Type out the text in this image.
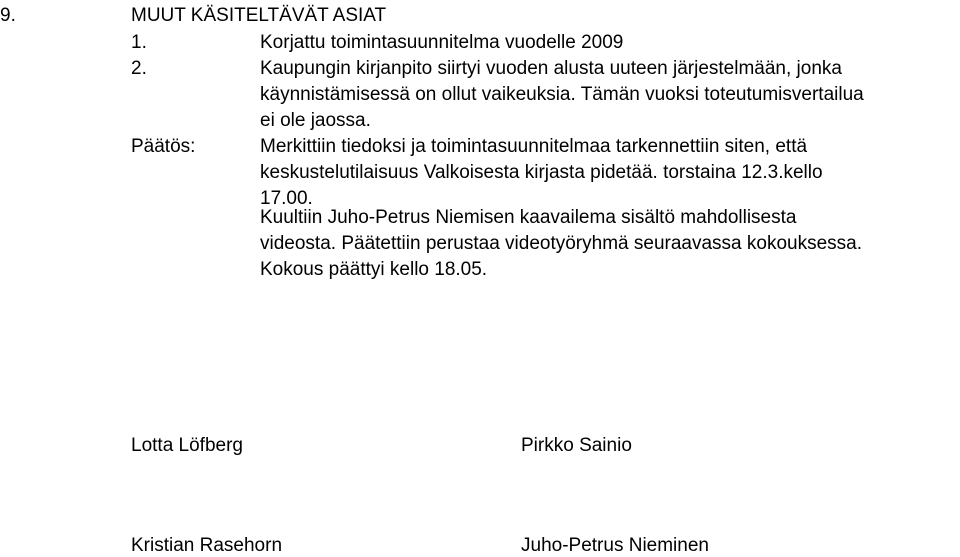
9.	MUUT KÄSITELTÄVÄT ASIAT
1.	Korjattu toimintasuunnitelma vuodelle 2009
2.	Kaupungin kirjanpito siirtyi vuoden alusta uuteen järjestelmään, jonka
käynnistämisessä on ollut vaikeuksia. Tämän vuoksi toteutumisvertailua
ei ole jaossa.
Päätös:	Merkittiin tiedoksi ja toimintasuunnitelmaa tarkennettiin siten, että
keskustelutilaisuus Valkoisesta kirjasta pidetää. torstaina 12.3.kello
17.00.
Kuultiin Juho-Petrus Niemisen kaavailema sisältö mahdollisesta
videosta. Päätettiin perustaa videotyöryhmä seuraavassa kokouksessa.
Kokous päättyi kello 18.05.
Lotta Löfberg	Pirkko Sainio
Kristian Rasehorn	Juho-Petrus Nieminen
